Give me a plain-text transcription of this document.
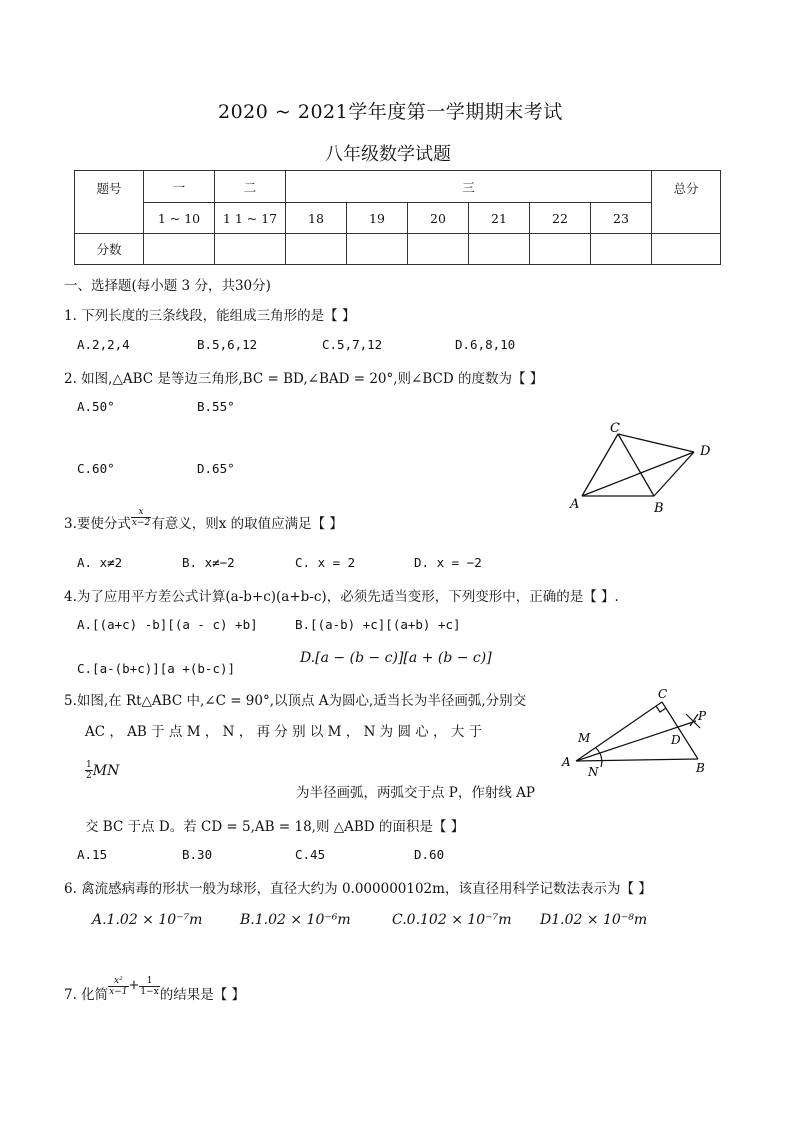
2020 ~ 2021学年度第一学期期末考试
八年级数学试题
题号	一	二	三						总分
	1 ~ 10	1 1 ~ 17	18	19	20	21	22	23	
分数									
一、选择题(每小题 3 分，共30分)
1. 下列长度的三条线段，能组成三角形的是【 】
A.2,2,4	B.5,6,12	C.5,7,12	D.6,8,10
2. 如图,△ABC 是等边三角形,BC = BD,∠BAD = 20°,则∠BCD 的度数为【 】
A.50°	B.55°
C.60°	D.65°
A	B
C
D
3.要使分式 $\frac{x}{x-2}$ 有意义，则x 的取值应满足【 】
A. x≠2	B. x≠−2	C. x = 2	D. x = −2
4.为了应用平方差公式计算(a-b+c)(a+b-c)，必须先适当变形，下列变形中，正确的是【 】.
A.[(a+c) -b][(a - c) +b]	B.[(a-b) +c][(a+b) +c]
C.[a-(b+c)][a +(b-c)]
D.[a − (b − c)][a + (b − c)]
5.如图,在 Rt△ABC 中,∠C = 90°,以顶点 A为圆心,适当长为半径画弧,分别交
AC ， AB 于 点 M ， N ， 再 分 别 以 M ， N 为 圆 心 ， 大 于
$\frac{1}{2}$ MN
为半径画弧，两弧交于点 P，作射线 AP
交 BC 于点 D。若 CD = 5,AB = 18,则 △ABD 的面积是【 】
A.15	B.30	C.45	D.60
M
N
A	B
C
D
P
6. 禽流感病毒的形状一般为球形，直径大约为 0.000000102m，该直径用科学记数法表示为【 】
A.1.02 × 10⁻⁷m	B.1.02 × 10⁻⁶m	C.0.102 × 10⁻⁷m D1.02 × 10⁻⁸m
7. 化简 $\frac{\text{x²}}{x-1} + \frac{1}{1-x}$ 的结果是【 】
